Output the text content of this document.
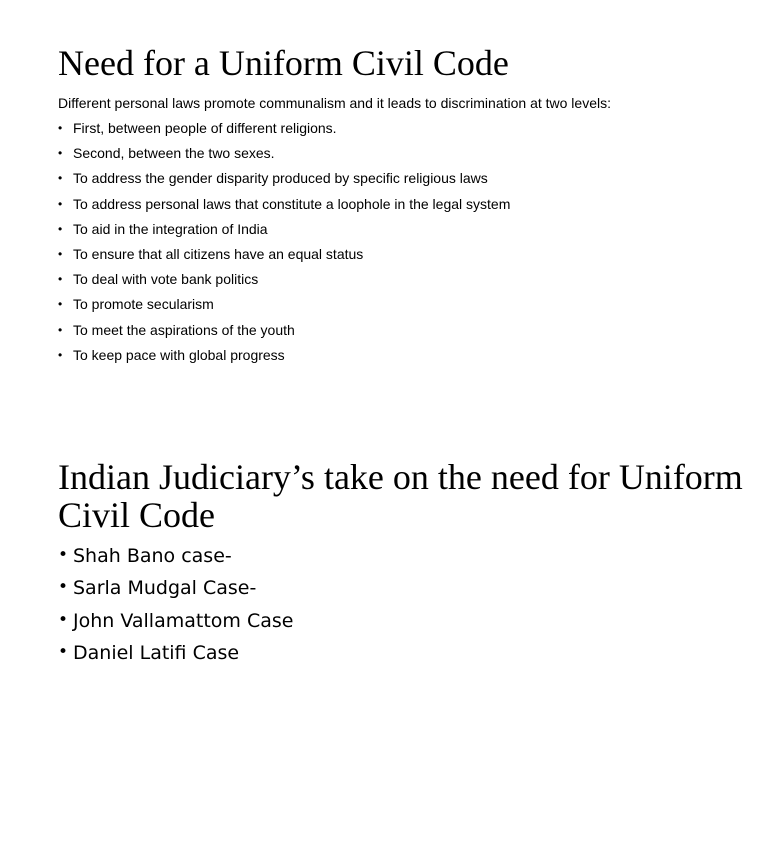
Need for a Uniform Civil Code

Different personal laws promote communalism and it leads to discrimination at two levels:

• First, between people of different religions.
• Second, between the two sexes.
• To address the gender disparity produced by specific religious laws
• To address personal laws that constitute a loophole in the legal system
• To aid in the integration of India
• To ensure that all citizens have an equal status
• To deal with vote bank politics
• To promote secularism
• To meet the aspirations of the youth
• To keep pace with global progress
Indian Judiciary’s take on the need for Uniform Civil Code
• Shah Bano case-
• Sarla Mudgal Case-
• John Vallamattom Case
• Daniel Latifi Case
